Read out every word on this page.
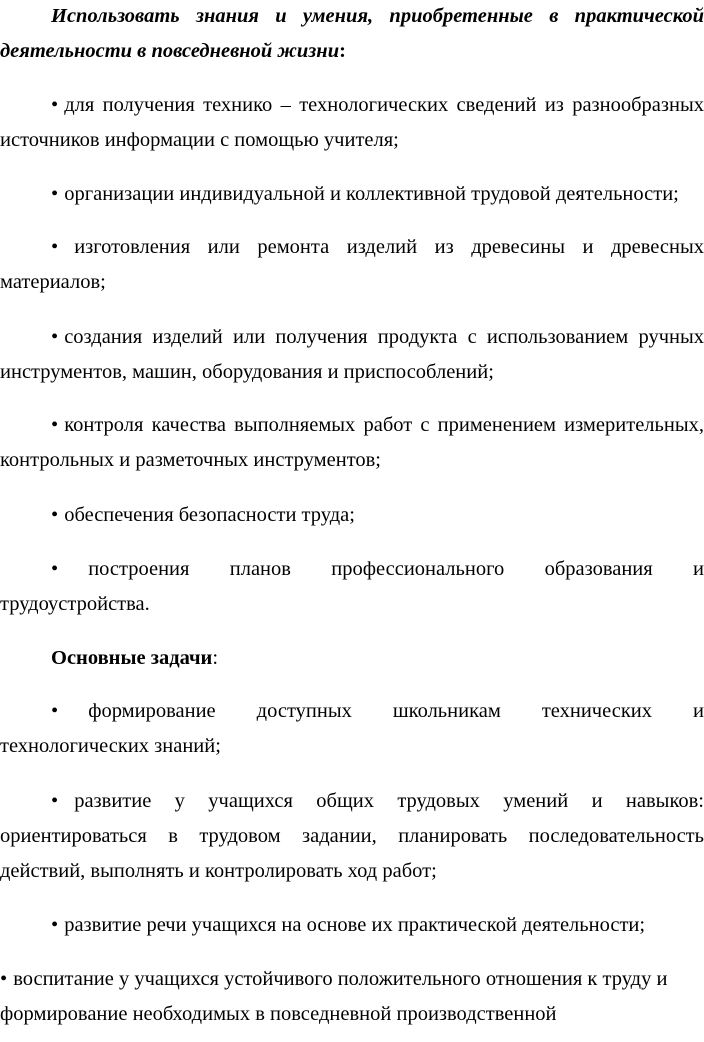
Использовать знания и умения, приобретенные в практической деятельности в повседневной жизни:

• для получения технико – технологических сведений из разнообразных источников информации с помощью учителя;

• организации индивидуальной и коллективной трудовой деятельности;

• изготовления или ремонта изделий из древесины и древесных материалов;

• создания изделий или получения продукта с использованием ручных инструментов, машин, оборудования и приспособлений;

• контроля качества выполняемых работ с применением измерительных, контрольных и разметочных инструментов;

• обеспечения безопасности труда;

• построения планов профессионального образования и трудоустройства.

Основные задачи:

• формирование доступных школьникам технических и технологических знаний;

• развитие у учащихся общих трудовых умений и навыков: ориентироваться в трудовом задании, планировать последовательность действий, выполнять и контролировать ход работ;

• развитие речи учащихся на основе их практической деятельности;

• воспитание у учащихся устойчивого положительного отношения к труду и формирование необходимых в повседневной производственной
